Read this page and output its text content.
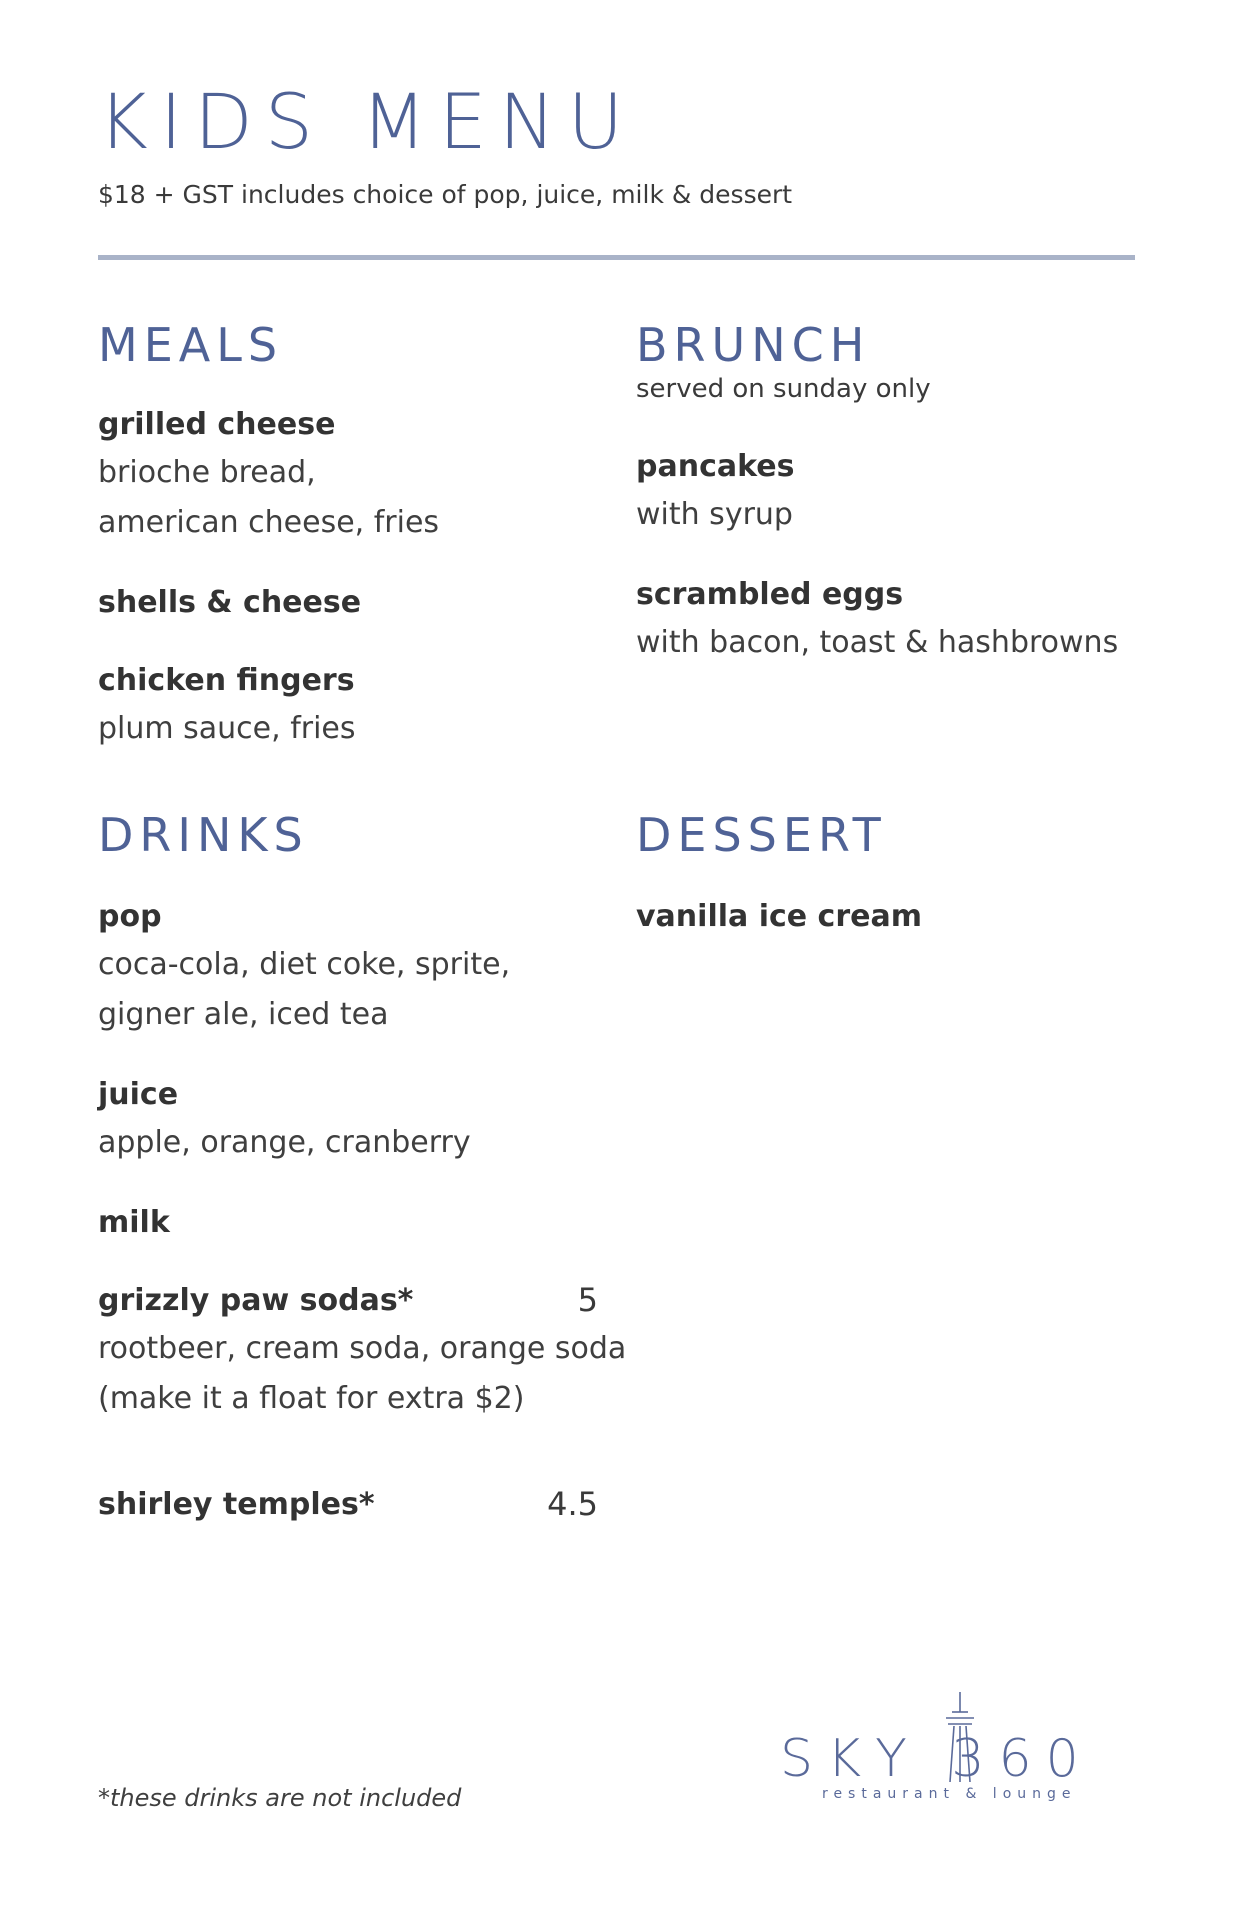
KIDS MENU
$18 + GST includes choice of pop, juice, milk & dessert
MEALS
grilled cheese
brioche bread,
american cheese, fries
shells & cheese
chicken fingers
plum sauce, fries
BRUNCH
served on sunday only
pancakes
with syrup
scrambled eggs
with bacon, toast & hashbrowns
DRINKS
pop
coca-cola, diet coke, sprite,
gigner ale, iced tea
juice
apple, orange, cranberry
milk
grizzly paw sodas*	5
rootbeer, cream soda, orange soda
(make it a float for extra $2)
shirley temples*	4.5
DESSERT
vanilla ice cream
*these drinks are not included
SKY 360
restaurant & lounge
